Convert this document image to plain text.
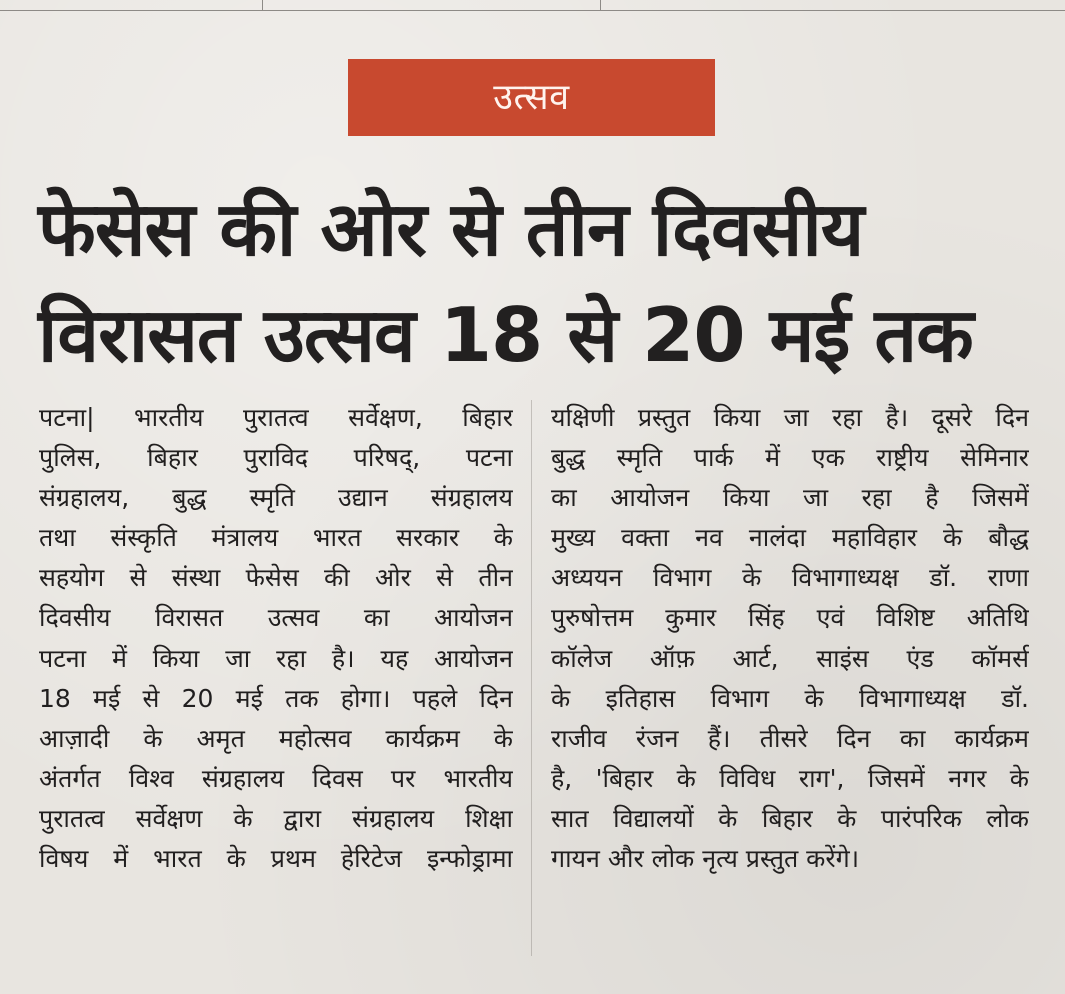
उत्सव
फेसेस की ओर से तीन दिवसीय
विरासत उत्सव 18 से 20 मई तक
पटना| भारतीय पुरातत्व सर्वेक्षण, बिहार
पुलिस, बिहार पुराविद परिषद्, पटना
संग्रहालय, बुद्ध स्मृति उद्यान संग्रहालय
तथा संस्कृति मंत्रालय भारत सरकार के
सहयोग से संस्था फेसेस की ओर से तीन
दिवसीय विरासत उत्सव का आयोजन
पटना में किया जा रहा है। यह आयोजन
18 मई से 20 मई तक होगा। पहले दिन
आज़ादी के अमृत महोत्सव कार्यक्रम के
अंतर्गत विश्व संग्रहालय दिवस पर भारतीय
पुरातत्व सर्वेक्षण के द्वारा संग्रहालय शिक्षा
विषय में भारत के प्रथम हेरिटेज इन्फोड्रामा
यक्षिणी प्रस्तुत किया जा रहा है। दूसरे दिन
बुद्ध स्मृति पार्क में एक राष्ट्रीय सेमिनार
का आयोजन किया जा रहा है जिसमें
मुख्य वक्ता नव नालंदा महाविहार के बौद्ध
अध्ययन विभाग के विभागाध्यक्ष डॉ. राणा
पुरुषोत्तम कुमार सिंह एवं विशिष्ट अतिथि
कॉलेज ऑफ़ आर्ट, साइंस एंड कॉमर्स
के इतिहास विभाग के विभागाध्यक्ष डॉ.
राजीव रंजन हैं। तीसरे दिन का कार्यक्रम
है, 'बिहार के विविध राग', जिसमें नगर के
सात विद्यालयों के बिहार के पारंपरिक लोक
गायन और लोक नृत्य प्रस्तुत करेंगे।
